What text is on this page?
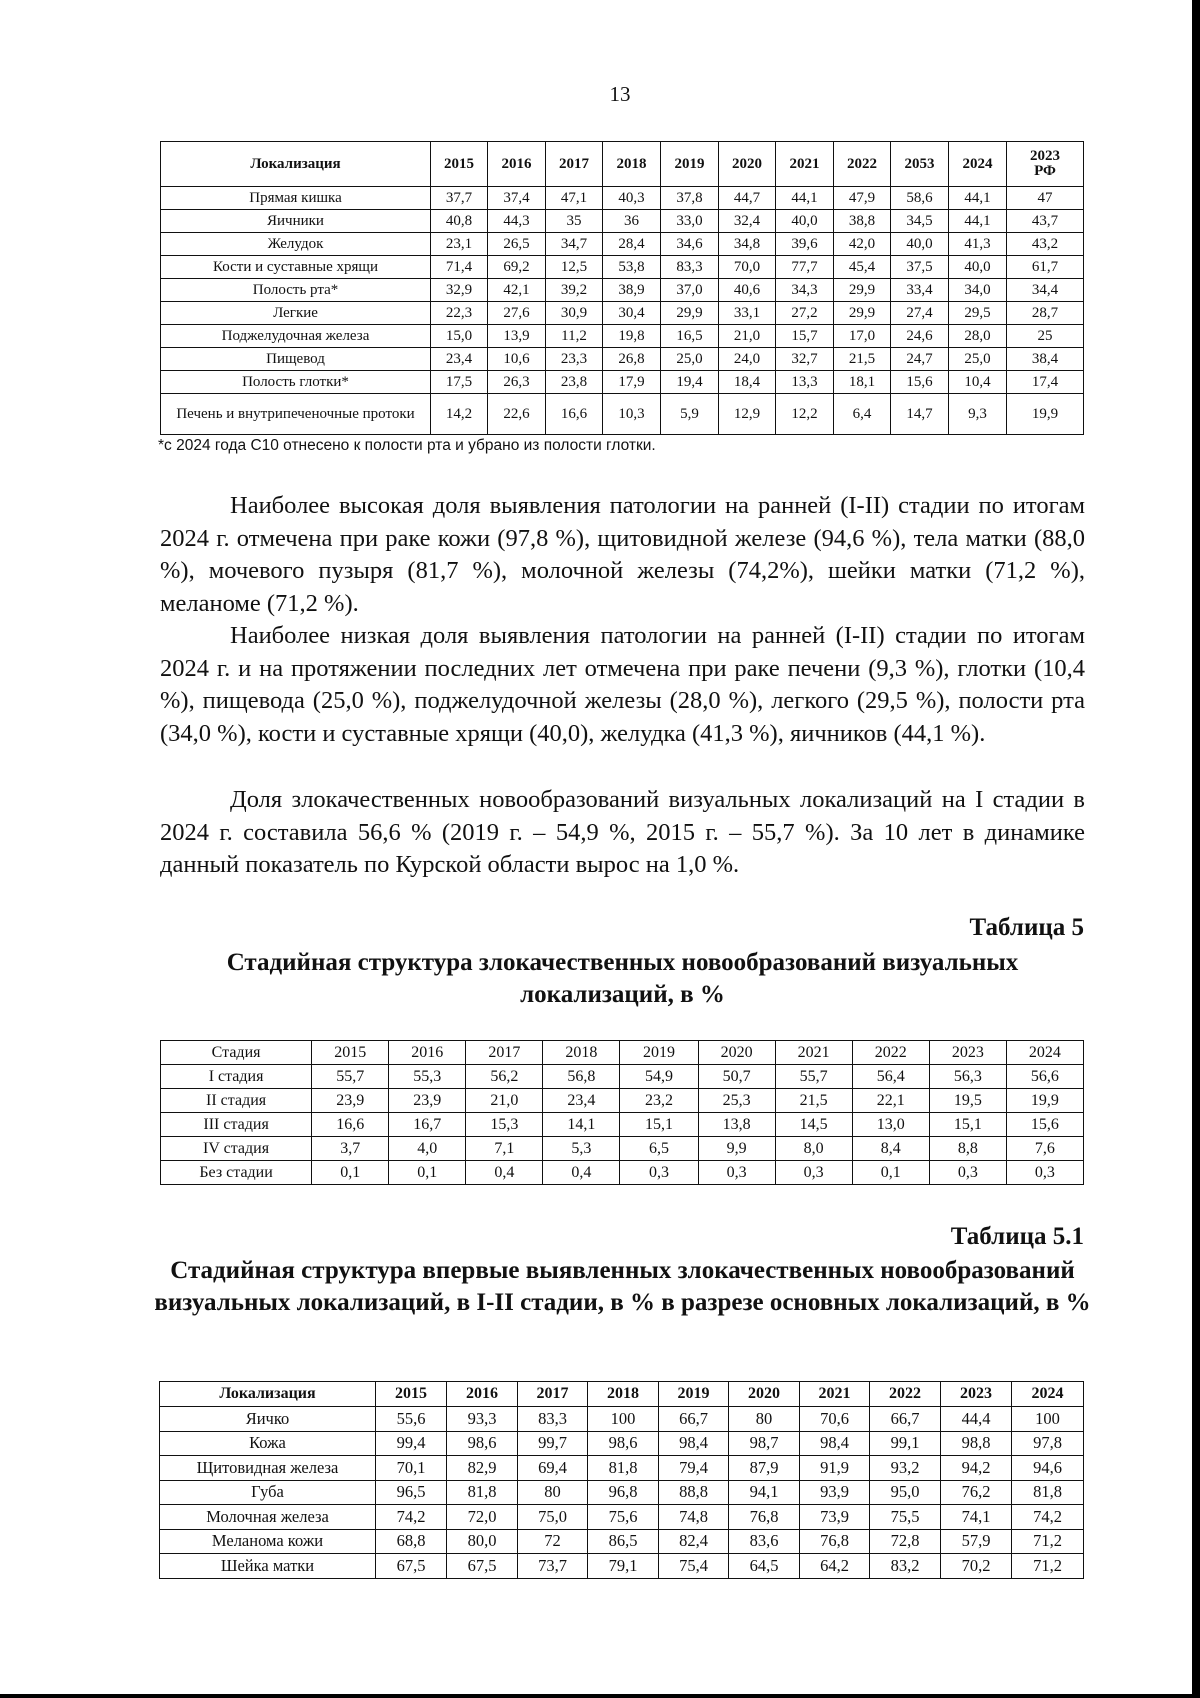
13
Локализация	2015	2016	2017	2018	2019	2020	2021	2022	2053	2024	2023
РФ
Прямая кишка	37,7	37,4	47,1	40,3	37,8	44,7	44,1	47,9	58,6	44,1	47
Яичники	40,8	44,3	35	36	33,0	32,4	40,0	38,8	34,5	44,1	43,7
Желудок	23,1	26,5	34,7	28,4	34,6	34,8	39,6	42,0	40,0	41,3	43,2
Кости и суставные хрящи	71,4	69,2	12,5	53,8	83,3	70,0	77,7	45,4	37,5	40,0	61,7
Полость рта*	32,9	42,1	39,2	38,9	37,0	40,6	34,3	29,9	33,4	34,0	34,4
Легкие	22,3	27,6	30,9	30,4	29,9	33,1	27,2	29,9	27,4	29,5	28,7
Поджелудочная железа	15,0	13,9	11,2	19,8	16,5	21,0	15,7	17,0	24,6	28,0	25
Пищевод	23,4	10,6	23,3	26,8	25,0	24,0	32,7	21,5	24,7	25,0	38,4
Полость глотки*	17,5	26,3	23,8	17,9	19,4	18,4	13,3	18,1	15,6	10,4	17,4
Печень и внутрипеченочные протоки	14,2	22,6	16,6	10,3	5,9	12,9	12,2	6,4	14,7	9,3	19,9
*с 2024 года С10 отнесено к полости рта и убрано из полости глотки.

Наиболее высокая доля выявления патологии на ранней (I-II) стадии по итогам 2024 г. отмечена при раке кожи (97,8 %), щитовидной железе (94,6 %), тела матки (88,0 %), мочевого пузыря (81,7 %), молочной железы (74,2%), шейки матки (71,2 %), меланоме (71,2 %).

Наиболее низкая доля выявления патологии на ранней (I-II) стадии по итогам 2024 г. и на протяжении последних лет отмечена при раке печени (9,3 %), глотки (10,4 %), пищевода (25,0 %), поджелудочной железы (28,0 %), легкого (29,5 %), полости рта (34,0 %), кости и суставные хрящи (40,0), желудка (41,3 %), яичников (44,1 %).

Доля злокачественных новообразований визуальных локализаций на I стадии в 2024 г. составила 56,6 % (2019 г. – 54,9 %, 2015 г. – 55,7 %). За 10 лет в динамике данный показатель по Курской области вырос на 1,0 %.

Таблица 5
Стадийная структура злокачественных новообразований визуальных локализаций, в %
Стадия	2015	2016	2017	2018	2019	2020	2021	2022	2023	2024
I стадия	55,7	55,3	56,2	56,8	54,9	50,7	55,7	56,4	56,3	56,6
II стадия	23,9	23,9	21,0	23,4	23,2	25,3	21,5	22,1	19,5	19,9
III стадия	16,6	16,7	15,3	14,1	15,1	13,8	14,5	13,0	15,1	15,6
IV стадия	3,7	4,0	7,1	5,3	6,5	9,9	8,0	8,4	8,8	7,6
Без стадии	0,1	0,1	0,4	0,4	0,3	0,3	0,3	0,1	0,3	0,3
Таблица 5.1
Стадийная структура впервые выявленных злокачественных новообразований визуальных локализаций, в I-II стадии, в % в разрезе основных локализаций, в %
Локализация	2015	2016	2017	2018	2019	2020	2021	2022	2023	2024
Яичко	55,6	93,3	83,3	100	66,7	80	70,6	66,7	44,4	100
Кожа	99,4	98,6	99,7	98,6	98,4	98,7	98,4	99,1	98,8	97,8
Щитовидная железа	70,1	82,9	69,4	81,8	79,4	87,9	91,9	93,2	94,2	94,6
Губа	96,5	81,8	80	96,8	88,8	94,1	93,9	95,0	76,2	81,8
Молочная железа	74,2	72,0	75,0	75,6	74,8	76,8	73,9	75,5	74,1	74,2
Меланома кожи	68,8	80,0	72	86,5	82,4	83,6	76,8	72,8	57,9	71,2
Шейка матки	67,5	67,5	73,7	79,1	75,4	64,5	64,2	83,2	70,2	71,2
